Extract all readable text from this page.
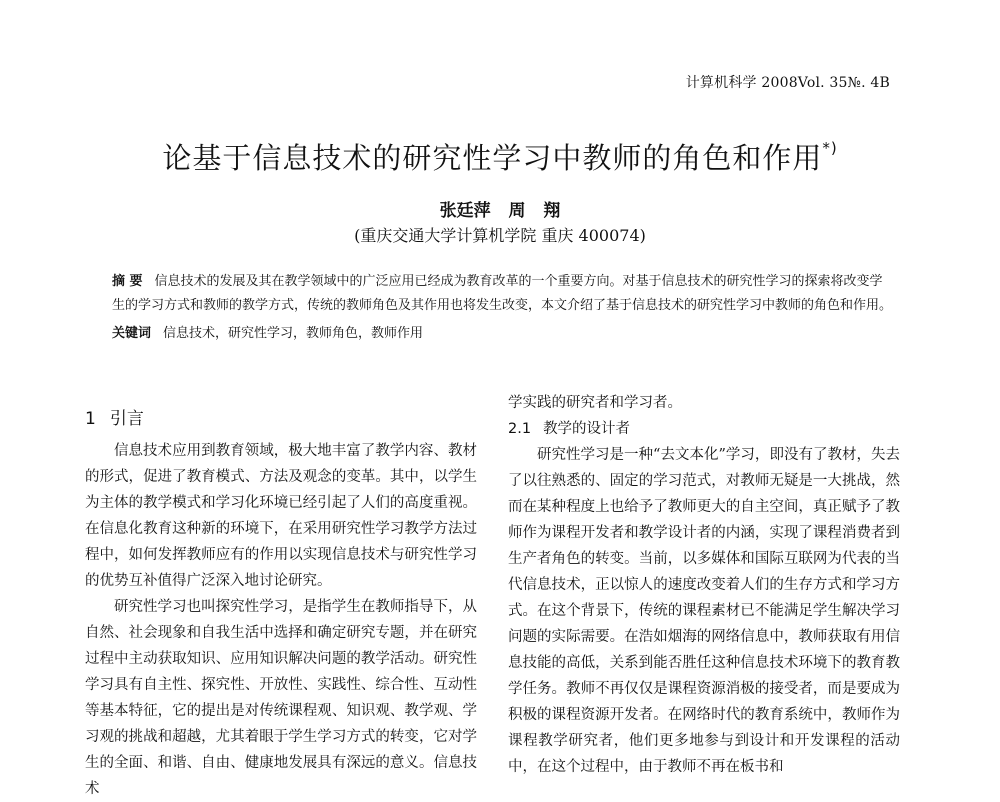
计算机科学 2008Vol. 35№. 4B
论基于信息技术的研究性学习中教师的角色和作用*)
张廷萍 周 翔
(重庆交通大学计算机学院 重庆 400074)
摘 要 信息技术的发展及其在教学领域中的广泛应用已经成为教育改革的一个重要方向。对基于信息技术的研究性学习的探索将改变学生的学习方式和教师的教学方式，传统的教师角色及其作用也将发生改变，本文介绍了基于信息技术的研究性学习中教师的角色和作用。
关键词 信息技术，研究性学习，教师角色，教师作用
1 引言

信息技术应用到教育领域，极大地丰富了教学内容、教材的形式，促进了教育模式、方法及观念的变革。其中，以学生为主体的教学模式和学习化环境已经引起了人们的高度重视。在信息化教育这种新的环境下，在采用研究性学习教学方法过程中，如何发挥教师应有的作用以实现信息技术与研究性学习的优势互补值得广泛深入地讨论研究。

研究性学习也叫探究性学习，是指学生在教师指导下，从自然、社会现象和自我生活中选择和确定研究专题，并在研究过程中主动获取知识、应用知识解决问题的教学活动。研究性学习具有自主性、探究性、开放性、实践性、综合性、互动性等基本特征，它的提出是对传统课程观、知识观、教学观、学习观的挑战和超越，尤其着眼于学生学习方式的转变，它对学生的全面、和谐、自由、健康地发展具有深远的意义。信息技术

学实践的研究者和学习者。

2.1 教学的设计者

研究性学习是一种“去文本化”学习，即没有了教材，失去了以往熟悉的、固定的学习范式，对教师无疑是一大挑战，然而在某种程度上也给予了教师更大的自主空间，真正赋予了教师作为课程开发者和教学设计者的内涵，实现了课程消费者到生产者角色的转变。当前，以多媒体和国际互联网为代表的当代信息技术，正以惊人的速度改变着人们的生存方式和学习方式。在这个背景下，传统的课程素材已不能满足学生解决学习问题的实际需要。在浩如烟海的网络信息中，教师获取有用信息技能的高低，关系到能否胜任这种信息技术环境下的教育教学任务。教师不再仅仅是课程资源消极的接受者，而是要成为积极的课程资源开发者。在网络时代的教育系统中，教师作为课程教学研究者，他们更多地参与到设计和开发课程的活动中，在这个过程中，由于教师不再在板书和
